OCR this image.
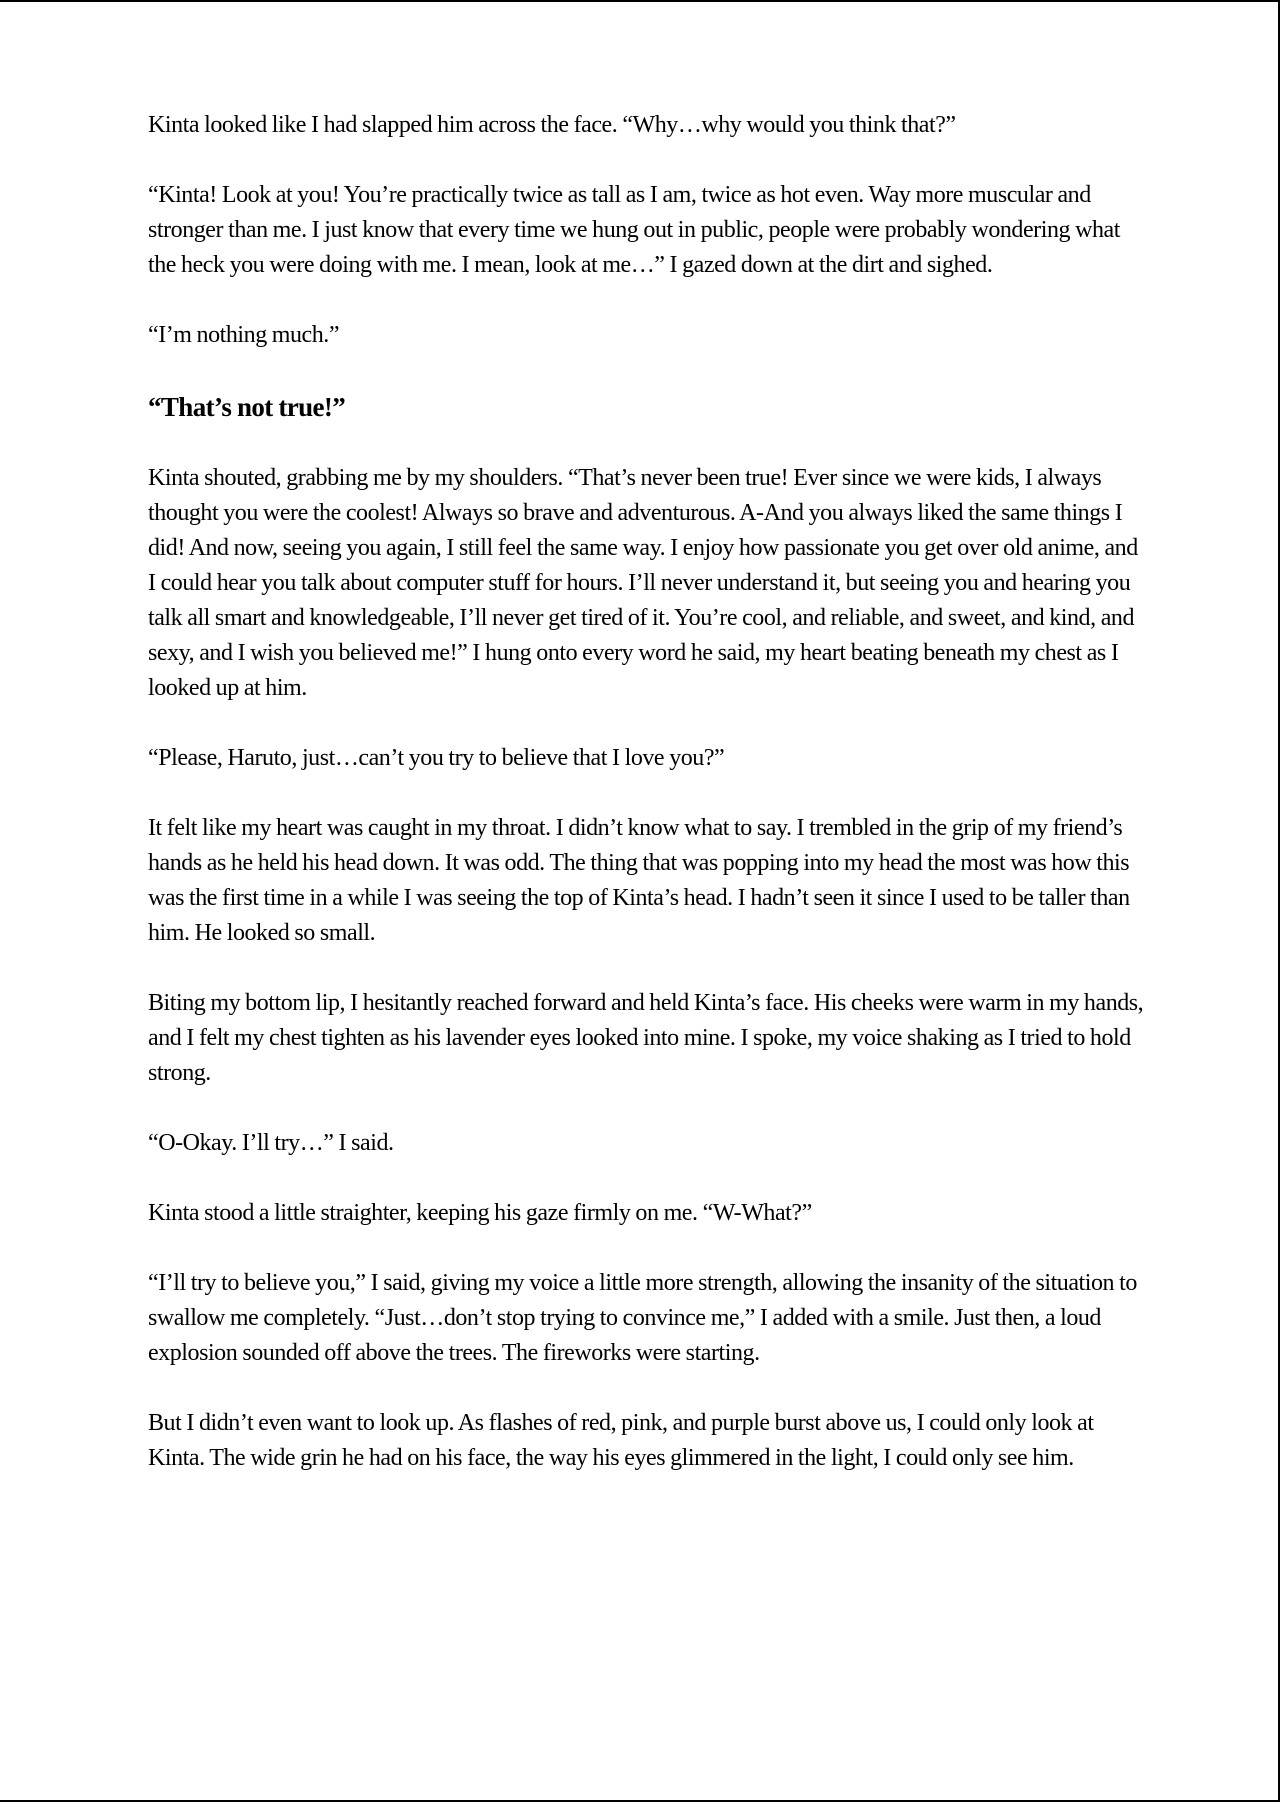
Kinta looked like I had slapped him across the face. “Why…why would you think that?”

“Kinta! Look at you! You’re practically twice as tall as I am, twice as hot even. Way more muscular and stronger than me. I just know that every time we hung out in public, people were probably wondering what the heck you were doing with me. I mean, look at me…” I gazed down at the dirt and sighed.

“I’m nothing much.”

“That’s not true!”

Kinta shouted, grabbing me by my shoulders. “That’s never been true! Ever since we were kids, I always thought you were the coolest! Always so brave and adventurous. A-And you always liked the same things I did! And now, seeing you again, I still feel the same way. I enjoy how passionate you get over old anime, and I could hear you talk about computer stuff for hours. I’ll never understand it, but seeing you and hearing you talk all smart and knowledgeable, I’ll never get tired of it. You’re cool, and reliable, and sweet, and kind, and sexy, and I wish you believed me!” I hung onto every word he said, my heart beating beneath my chest as I looked up at him.

“Please, Haruto, just…can’t you try to believe that I love you?”

It felt like my heart was caught in my throat. I didn’t know what to say. I trembled in the grip of my friend’s hands as he held his head down. It was odd. The thing that was popping into my head the most was how this was the first time in a while I was seeing the top of Kinta’s head. I hadn’t seen it since I used to be taller than him. He looked so small.

Biting my bottom lip, I hesitantly reached forward and held Kinta’s face. His cheeks were warm in my hands, and I felt my chest tighten as his lavender eyes looked into mine. I spoke, my voice shaking as I tried to hold strong.

“O-Okay. I’ll try…” I said.

Kinta stood a little straighter, keeping his gaze firmly on me. “W-What?”

“I’ll try to believe you,” I said, giving my voice a little more strength, allowing the insanity of the situation to swallow me completely. “Just…don’t stop trying to convince me,” I added with a smile. Just then, a loud explosion sounded off above the trees. The fireworks were starting.

But I didn’t even want to look up. As flashes of red, pink, and purple burst above us, I could only look at Kinta. The wide grin he had on his face, the way his eyes glimmered in the light, I could only see him.
